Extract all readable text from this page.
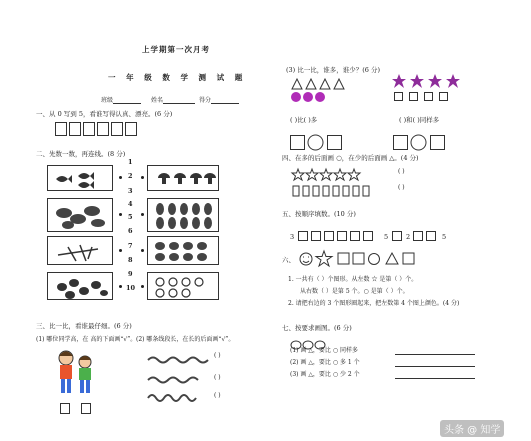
上学期第一次月考
一 年 级 数 学 测 试 题
班级	姓名	得分
一、从 0 写到 5，看谁写得认真、漂亮。(6 分)
二、先数一数，再连线。(8 分)
1
2
3
4
5
6
7
8
9
10
三、比一比，看谁最仔细。(6 分)
(1) 哪位同学高，在 高的下面画“√”。 (2) 哪条线段长，在长的后面画“√”。
( )
( )
( )
(3) 比一比，谁多，谁少？(6 分)
( )比( )多	( )和( )同样多
四、在多的后面画 ○，在少的后面画 △。(4 分)
( )
( )
五、按顺序填数。(10 分)
3	5	2	5
六、
1. 一共有（ ）个图形。从左数 ☆ 是第（ ）个。
从右数（ ）是第 5 个。○ 是第（ ）个。
2. 请把右边的 3 个图形圈起来，把左数第 4 个图上颜色。(4 分)
七、按要求画图。(6 分)
(1) 画 △，要比 ○ 同样多
(2) 画 △，要比 ○ 多 1 个
(3) 画 △，要比 ○ 少 2 个
头条 @ 知学
